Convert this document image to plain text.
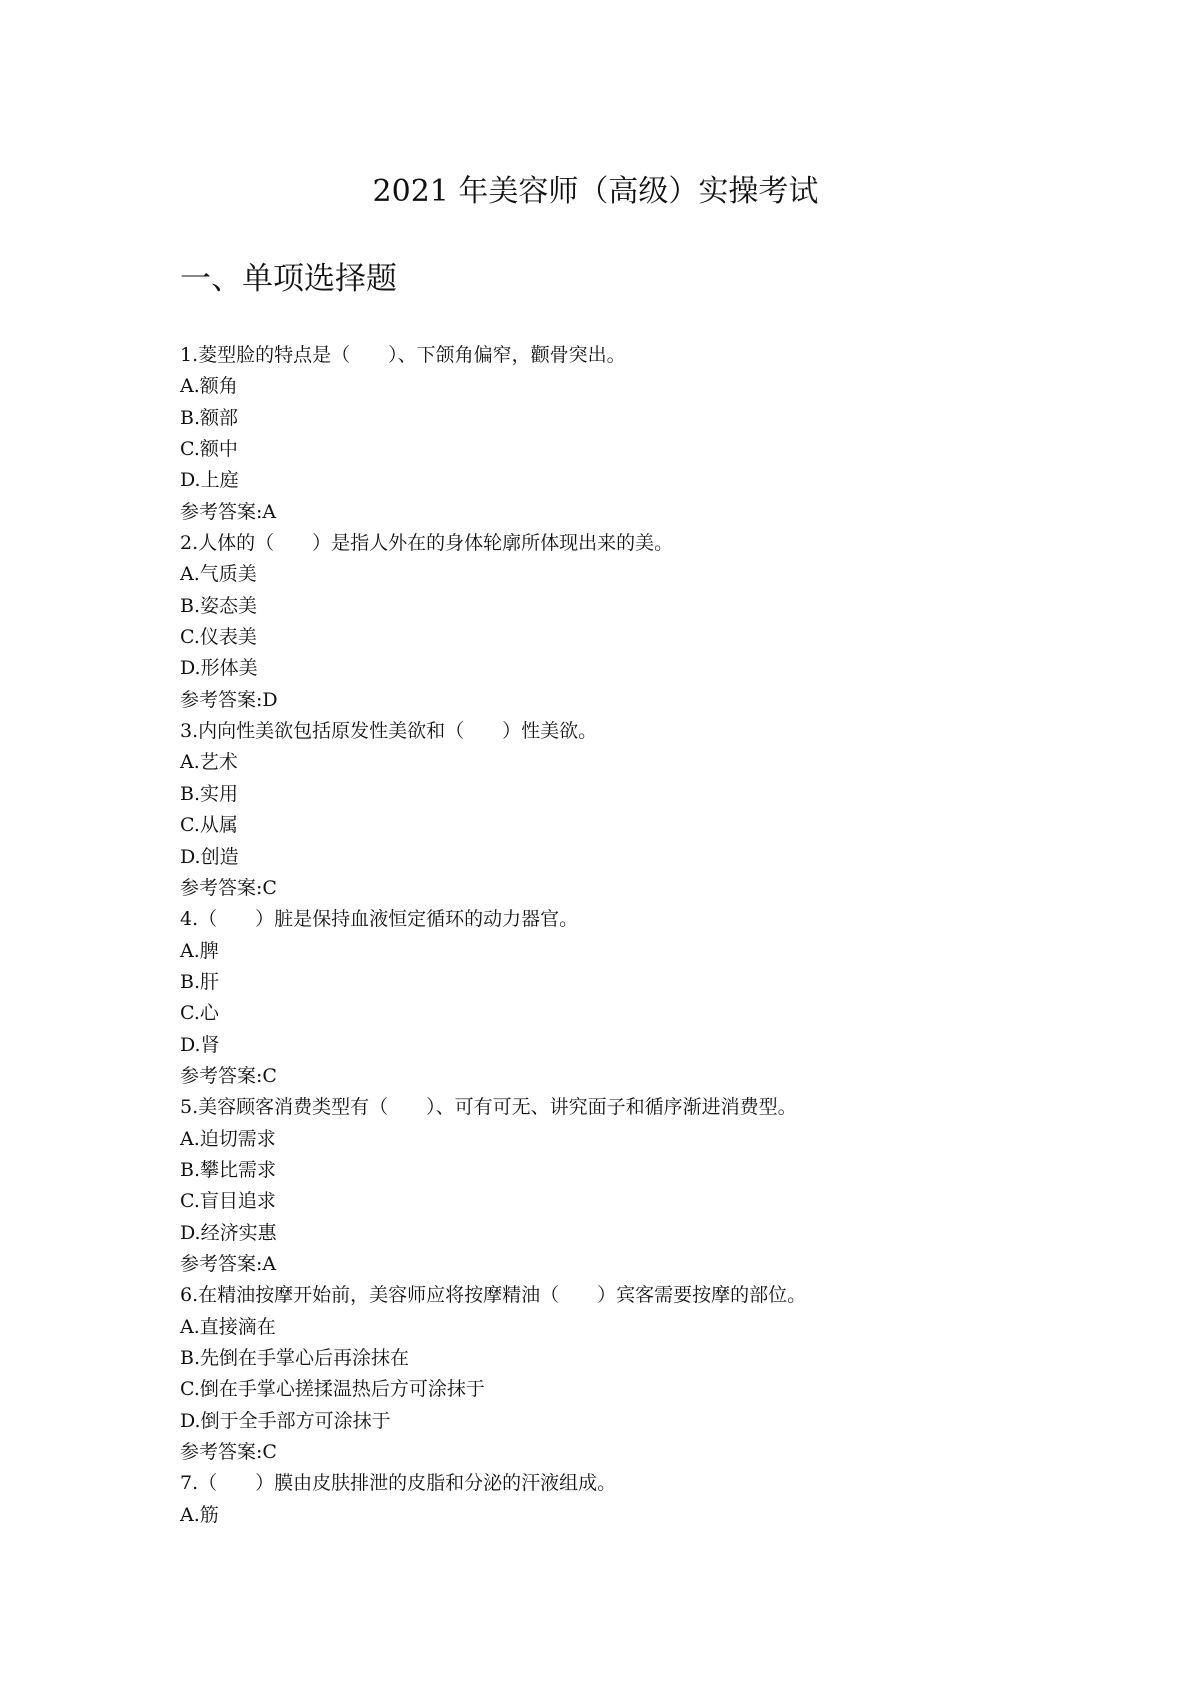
2021 年美容师（高级）实操考试
一、单项选择题
1.菱型脸的特点是（　　）、下颌角偏窄，颧骨突出。
A.额角
B.额部
C.额中
D.上庭
参考答案:A
2.人体的（　　）是指人外在的身体轮廓所体现出来的美。
A.气质美
B.姿态美
C.仪表美
D.形体美
参考答案:D
3.内向性美欲包括原发性美欲和（　　）性美欲。
A.艺术
B.实用
C.从属
D.创造
参考答案:C
4.（　　）脏是保持血液恒定循环的动力器官。
A.脾
B.肝
C.心
D.肾
参考答案:C
5.美容顾客消费类型有（　　）、可有可无、讲究面子和循序渐进消费型。
A.迫切需求
B.攀比需求
C.盲目追求
D.经济实惠
参考答案:A
6.在精油按摩开始前，美容师应将按摩精油（　　）宾客需要按摩的部位。
A.直接滴在
B.先倒在手掌心后再涂抹在
C.倒在手掌心搓揉温热后方可涂抹于
D.倒于全手部方可涂抹于
参考答案:C
7.（　　）膜由皮肤排泄的皮脂和分泌的汗液组成。
A.筋
